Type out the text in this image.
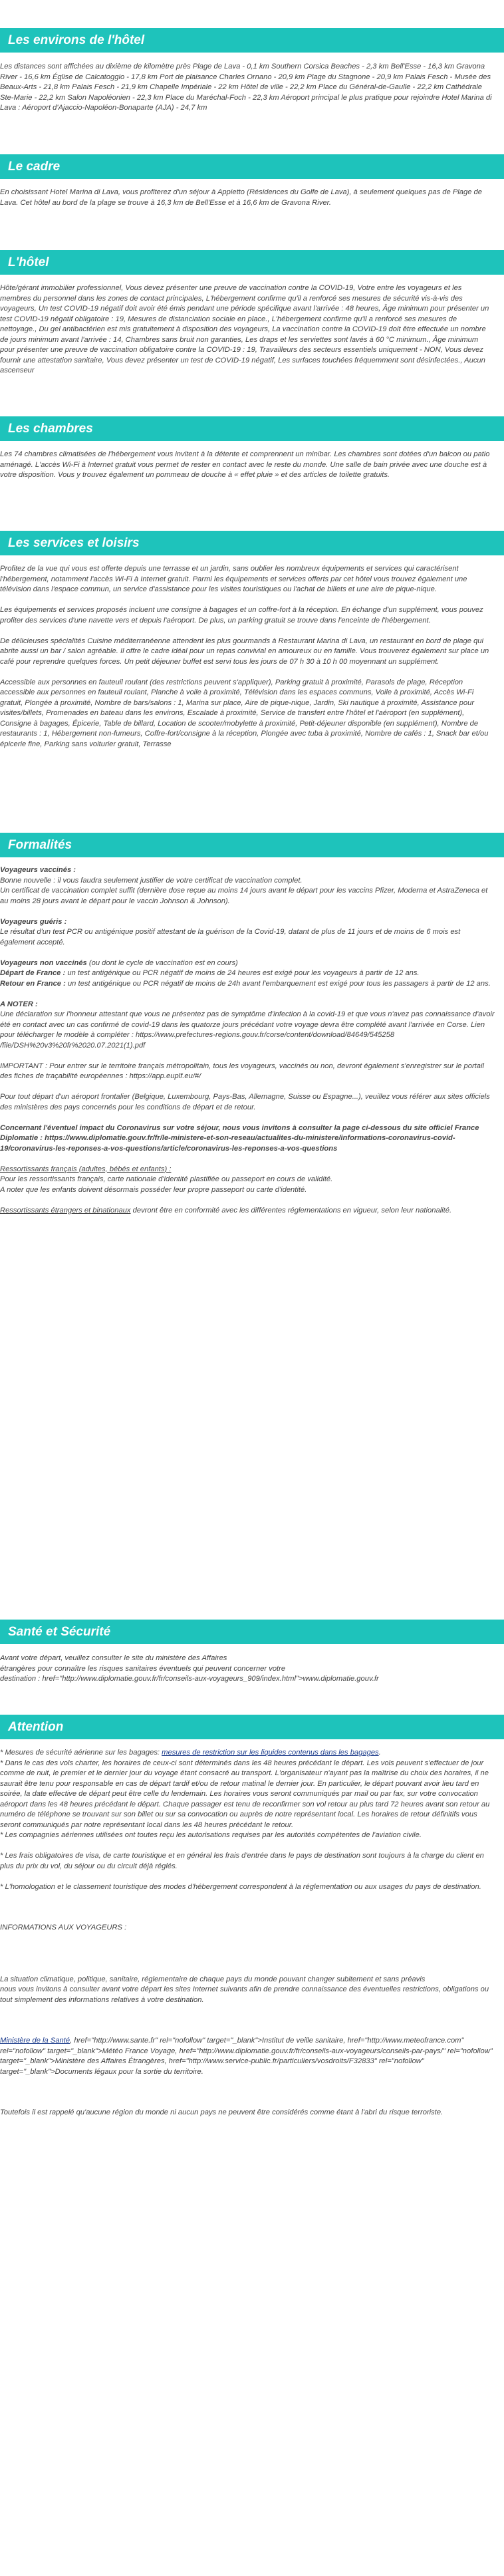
Les environs de l'hôtel
Les distances sont affichées au dixième de kilomètre près Plage de Lava - 0,1 km Southern Corsica Beaches - 2,3 km Bell'Esse - 16,3 km Gravona River - 16,6 km Église de Calcatoggio - 17,8 km Port de plaisance Charles Ornano - 20,9 km Plage du Stagnone - 20,9 km Palais Fesch - Musée des Beaux-Arts - 21,8 km Palais Fesch - 21,9 km Chapelle Impériale - 22 km Hôtel de ville - 22,2 km Place du Général-de-Gaulle - 22,2 km Cathédrale Ste-Marie - 22,2 km Salon Napoléonien - 22,3 km Place du Maréchal-Foch - 22,3 km Aéroport principal le plus pratique pour rejoindre Hotel Marina di Lava : Aéroport d'Ajaccio-Napoléon-Bonaparte (AJA) - 24,7 km
Le cadre
En choisissant Hotel Marina di Lava, vous profiterez d'un séjour à Appietto (Résidences du Golfe de Lava), à seulement quelques pas de Plage de Lava. Cet hôtel au bord de la plage se trouve à 16,3 km de Bell'Esse et à 16,6 km de Gravona River.
L'hôtel
Hôte/gérant immobilier professionnel, Vous devez présenter une preuve de vaccination contre la COVID-19, Votre entre les voyageurs et les membres du personnel dans les zones de contact principales, L'hébergement confirme qu'il a renforcé ses mesures de sécurité vis-à-vis des voyageurs, Un test COVID-19 négatif doit avoir été émis pendant une période spécifique avant l'arrivée : 48 heures, Âge minimum pour présenter un test COVID-19 négatif obligatoire : 19, Mesures de distanciation sociale en place., L'hébergement confirme qu'il a renforcé ses mesures de nettoyage., Du gel antibactérien est mis gratuitement à disposition des voyageurs, La vaccination contre la COVID-19 doit être effectuée un nombre de jours minimum avant l'arrivée : 14, Chambres sans bruit non garanties, Les draps et les serviettes sont lavés à 60 °C minimum., Âge minimum pour présenter une preuve de vaccination obligatoire contre la COVID-19 : 19, Travailleurs des secteurs essentiels uniquement - NON, Vous devez fournir une attestation sanitaire, Vous devez présenter un test de COVID-19 négatif, Les surfaces touchées fréquemment sont désinfectées., Aucun ascenseur
Les chambres
Les 74 chambres climatisées de l'hébergement vous invitent à la détente et comprennent un minibar. Les chambres sont dotées d'un balcon ou patio aménagé. L'accès Wi-Fi à Internet gratuit vous permet de rester en contact avec le reste du monde. Une salle de bain privée avec une douche est à votre disposition. Vous y trouvez également un pommeau de douche à « effet pluie » et des articles de toilette gratuits.
Les services et loisirs

Profitez de la vue qui vous est offerte depuis une terrasse et un jardin, sans oublier les nombreux équipements et services qui caractérisent l'hébergement, notamment l'accès Wi-Fi à Internet gratuit. Parmi les équipements et services offerts par cet hôtel vous trouvez également une télévision dans l'espace commun, un service d'assistance pour les visites touristiques ou l'achat de billets et une aire de pique-nique.

Les équipements et services proposés incluent une consigne à bagages et un coffre-fort à la réception. En échange d'un supplément, vous pouvez profiter des services d'une navette vers et depuis l'aéroport. De plus, un parking gratuit se trouve dans l'enceinte de l'hébergement.

De délicieuses spécialités Cuisine méditerranéenne attendent les plus gourmands à Restaurant Marina di Lava, un restaurant en bord de plage qui abrite aussi un bar / salon agréable. Il offre le cadre idéal pour un repas convivial en amoureux ou en famille. Vous trouverez également sur place un café pour reprendre quelques forces. Un petit déjeuner buffet est servi tous les jours de 07 h 30 à 10 h 00 moyennant un supplément.

Accessible aux personnes en fauteuil roulant (des restrictions peuvent s'appliquer), Parking gratuit à proximité, Parasols de plage, Réception accessible aux personnes en fauteuil roulant, Planche à voile à proximité, Télévision dans les espaces communs, Voile à proximité, Accès Wi-Fi gratuit, Plongée à proximité, Nombre de bars/salons : 1, Marina sur place, Aire de pique-nique, Jardin, Ski nautique à proximité, Assistance pour visites/billets, Promenades en bateau dans les environs, Escalade à proximité, Service de transfert entre l'hôtel et l'aéroport (en supplément), Consigne à bagages, Épicerie, Table de billard, Location de scooter/mobylette à proximité, Petit-déjeuner disponible (en supplément), Nombre de restaurants : 1, Hébergement non-fumeurs, Coffre-fort/consigne à la réception, Plongée avec tuba à proximité, Nombre de cafés : 1, Snack bar et/ou épicerie fine, Parking sans voiturier gratuit, Terrasse

Formalités

Voyageurs vaccinés :
Bonne nouvelle : il vous faudra seulement justifier de votre certificat de vaccination complet.
Un certificat de vaccination complet suffit (dernière dose reçue au moins 14 jours avant le départ pour les vaccins Pfizer, Moderna et AstraZeneca et au moins 28 jours avant le départ pour le vaccin Johnson & Johnson).

Voyageurs guéris :
Le résultat d'un test PCR ou antigénique positif attestant de la guérison de la Covid-19, datant de plus de 11 jours et de moins de 6 mois est également accepté.

Voyageurs non vaccinés (ou dont le cycle de vaccination est en cours)
Départ de France : un test antigénique ou PCR négatif de moins de 24 heures est exigé pour les voyageurs à partir de 12 ans.
Retour en France : un test antigénique ou PCR négatif de moins de 24h avant l'embarquement est exigé pour tous les passagers à partir de 12 ans.

A NOTER :
Une déclaration sur l'honneur attestant que vous ne présentez pas de symptôme d'infection à la covid-19 et que vous n'avez pas connaissance d'avoir été en contact avec un cas confirmé de covid-19 dans les quatorze jours précédant votre voyage devra être complété avant l'arrivée en Corse. Lien pour télécharger le modèle à compléter : https://www.prefectures-regions.gouv.fr/corse/content/download/84649/545258 /file/DSH%20v3%20fr%2020.07.2021(1).pdf

IMPORTANT : Pour entrer sur le territoire français métropolitain, tous les voyageurs, vaccinés ou non, devront également s'enregistrer sur le portail des fiches de traçabilité européennes : https://app.euplf.eu/#/

Pour tout départ d'un aéroport frontalier (Belgique, Luxembourg, Pays-Bas, Allemagne, Suisse ou Espagne...), veuillez vous référer aux sites officiels des ministères des pays concernés pour les conditions de départ et de retour.

Concernant l'éventuel impact du Coronavirus sur votre séjour, nous vous invitons à consulter la page ci-dessous du site officiel France Diplomatie : https://www.diplomatie.gouv.fr/fr/le-ministere-et-son-reseau/actualites-du-ministere/informations-coronavirus-covid-19/coronavirus-les-reponses-a-vos-questions/article/coronavirus-les-reponses-a-vos-questions

Ressortissants français (adultes, bébés et enfants) :
Pour les ressortissants français, carte nationale d'identité plastifiée ou passeport en cours de validité.
A noter que les enfants doivent désormais posséder leur propre passeport ou carte d'identité.

Ressortissants étrangers et binationaux devront être en conformité avec les différentes réglementations en vigueur, selon leur nationalité.

Santé et Sécurité
Avant votre départ, veuillez consulter le site du ministère des Affaires
étrangères pour connaître les risques sanitaires éventuels qui peuvent concerner votre
destination : href="http://www.diplomatie.gouv.fr/fr/conseils-aux-voyageurs_909/index.html">www.diplomatie.gouv.fr
Attention

* Mesures de sécurité aérienne sur les bagages: mesures de restriction sur les liquides contenus dans les bagages.
* Dans le cas des vols charter, les horaires de ceux-ci sont déterminés dans les 48 heures précédant le départ. Les vols peuvent s'effectuer de jour comme de nuit, le premier et le dernier jour du voyage étant consacré au transport. L'organisateur n'ayant pas la maîtrise du choix des horaires, il ne saurait être tenu pour responsable en cas de départ tardif et/ou de retour matinal le dernier jour. En particulier, le départ pouvant avoir lieu tard en soirée, la date effective de départ peut être celle du lendemain. Les horaires vous seront communiqués par mail ou par fax, sur votre convocation aéroport dans les 48 heures précédant le départ. Chaque passager est tenu de reconfirmer son vol retour au plus tard 72 heures avant son retour au numéro de téléphone se trouvant sur son billet ou sur sa convocation ou auprès de notre représentant local. Les horaires de retour définitifs vous seront communiqués par notre représentant local dans les 48 heures précédant le retour.
* Les compagnies aériennes utilisées ont toutes reçu les autorisations requises par les autorités compétentes de l'aviation civile.

* Les frais obligatoires de visa, de carte touristique et en général les frais d'entrée dans le pays de destination sont toujours à la charge du client en plus du prix du vol, du séjour ou du circuit déjà réglés.

* L'homologation et le classement touristique des modes d'hébergement correspondent à la réglementation ou aux usages du pays de destination.

INFORMATIONS AUX VOYAGEURS :

La situation climatique, politique, sanitaire, réglementaire de chaque pays du monde pouvant changer subitement et sans préavis
nous vous invitons à consulter avant votre départ les sites Internet suivants afin de prendre connaissance des éventuelles restrictions, obligations ou tout simplement des informations relatives à votre destination.

Ministère de la Santé, href="http://www.sante.fr" rel="nofollow" target="_blank">Institut de veille sanitaire, href="http://www.meteofrance.com" rel="nofollow" target="_blank">Météo France Voyage, href="http://www.diplomatie.gouv.fr/fr/conseils-aux-voyageurs/conseils-par-pays/" rel="nofollow" target="_blank">Ministère des Affaires Étrangères, href="http://www.service-public.fr/particuliers/vosdroits/F32833" rel="nofollow" target="_blank">Documents légaux pour la sortie du territoire.

Toutefois il est rappelé qu'aucune région du monde ni aucun pays ne peuvent être considérés comme étant à l'abri du risque terroriste.
